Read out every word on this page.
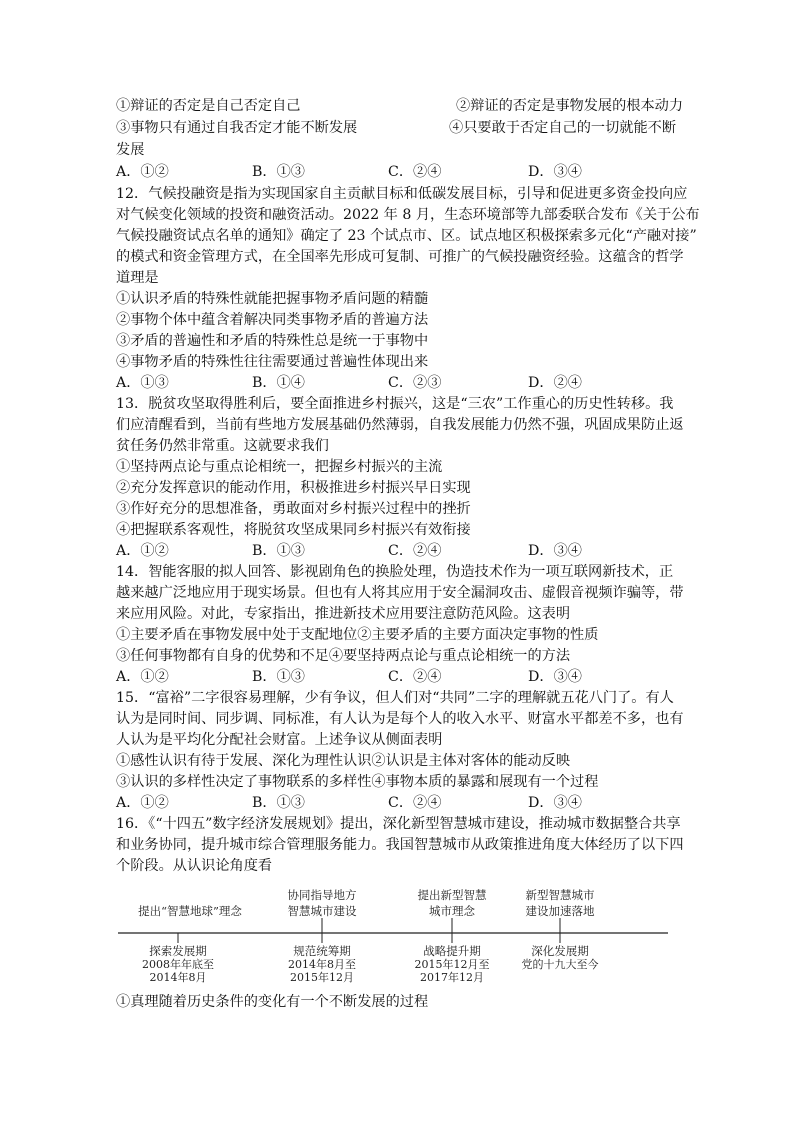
①辩证的否定是自己否定自己	②辩证的否定是事物发展的根本动力
③事物只有通过自我否定才能不断发展	④只要敢于否定自己的一切就能不断
发展
A．①②	B．①③	C．②④	D．③④
12．气候投融资是指为实现国家自主贡献目标和低碳发展目标，引导和促进更多资金投向应
对气候变化领域的投资和融资活动。2022 年 8 月，生态环境部等九部委联合发布《关于公布
气候投融资试点名单的通知》确定了 23 个试点市、区。试点地区积极探索多元化“产融对接”
的模式和资金管理方式，在全国率先形成可复制、可推广的气候投融资经验。这蕴含的哲学
道理是
①认识矛盾的特殊性就能把握事物矛盾问题的精髓
②事物个体中蕴含着解决同类事物矛盾的普遍方法
③矛盾的普遍性和矛盾的特殊性总是统一于事物中
④事物矛盾的特殊性往往需要通过普遍性体现出来
A．①③	B．①④	C．②③	D．②④
13．脱贫攻坚取得胜利后，要全面推进乡村振兴，这是“三农”工作重心的历史性转移。我
们应清醒看到，当前有些地方发展基础仍然薄弱，自我发展能力仍然不强，巩固成果防止返
贫任务仍然非常重。这就要求我们
①坚持两点论与重点论相统一，把握乡村振兴的主流
②充分发挥意识的能动作用，积极推进乡村振兴早日实现
③作好充分的思想准备，勇敢面对乡村振兴过程中的挫折
④把握联系客观性，将脱贫攻坚成果同乡村振兴有效衔接
A．①②	B．①③	C．②④	D．③④
14．智能客服的拟人回答、影视剧角色的换脸处理，伪造技术作为一项互联网新技术，正
越来越广泛地应用于现实场景。但也有人将其应用于安全漏洞攻击、虚假音视频诈骗等，带
来应用风险。对此，专家指出，推进新技术应用要注意防范风险。这表明
①主要矛盾在事物发展中处于支配地位②主要矛盾的主要方面决定事物的性质
③任何事物都有自身的优势和不足④要坚持两点论与重点论相统一的方法
A．①②	B．①③	C．②④	D．③④
15．“富裕”二字很容易理解，少有争议，但人们对“共同”二字的理解就五花八门了。有人
认为是同时间、同步调、同标准，有人认为是每个人的收入水平、财富水平都差不多，也有
人认为是平均化分配社会财富。上述争议从侧面表明
①感性认识有待于发展、深化为理性认识②认识是主体对客体的能动反映
③认识的多样性决定了事物联系的多样性④事物本质的暴露和展现有一个过程
A．①②	B．①③	C．②④	D．③④
16．《“十四五”数字经济发展规划》提出，深化新型智慧城市建设，推动城市数据整合共享
和业务协同，提升城市综合管理服务能力。我国智慧城市从政策推进角度大体经历了以下四
个阶段。从认识论角度看
提出“智慧地球”理念
协同指导地方
智慧城市建设
提出新型智慧
城市理念
新型智慧城市
建设加速落地
探索发展期
2008年年底至
2014年8月
规范统筹期
2014年8月至
2015年12月
战略提升期
2015年12月至
2017年12月
深化发展期
党的十九大至今
①真理随着历史条件的变化有一个不断发展的过程
